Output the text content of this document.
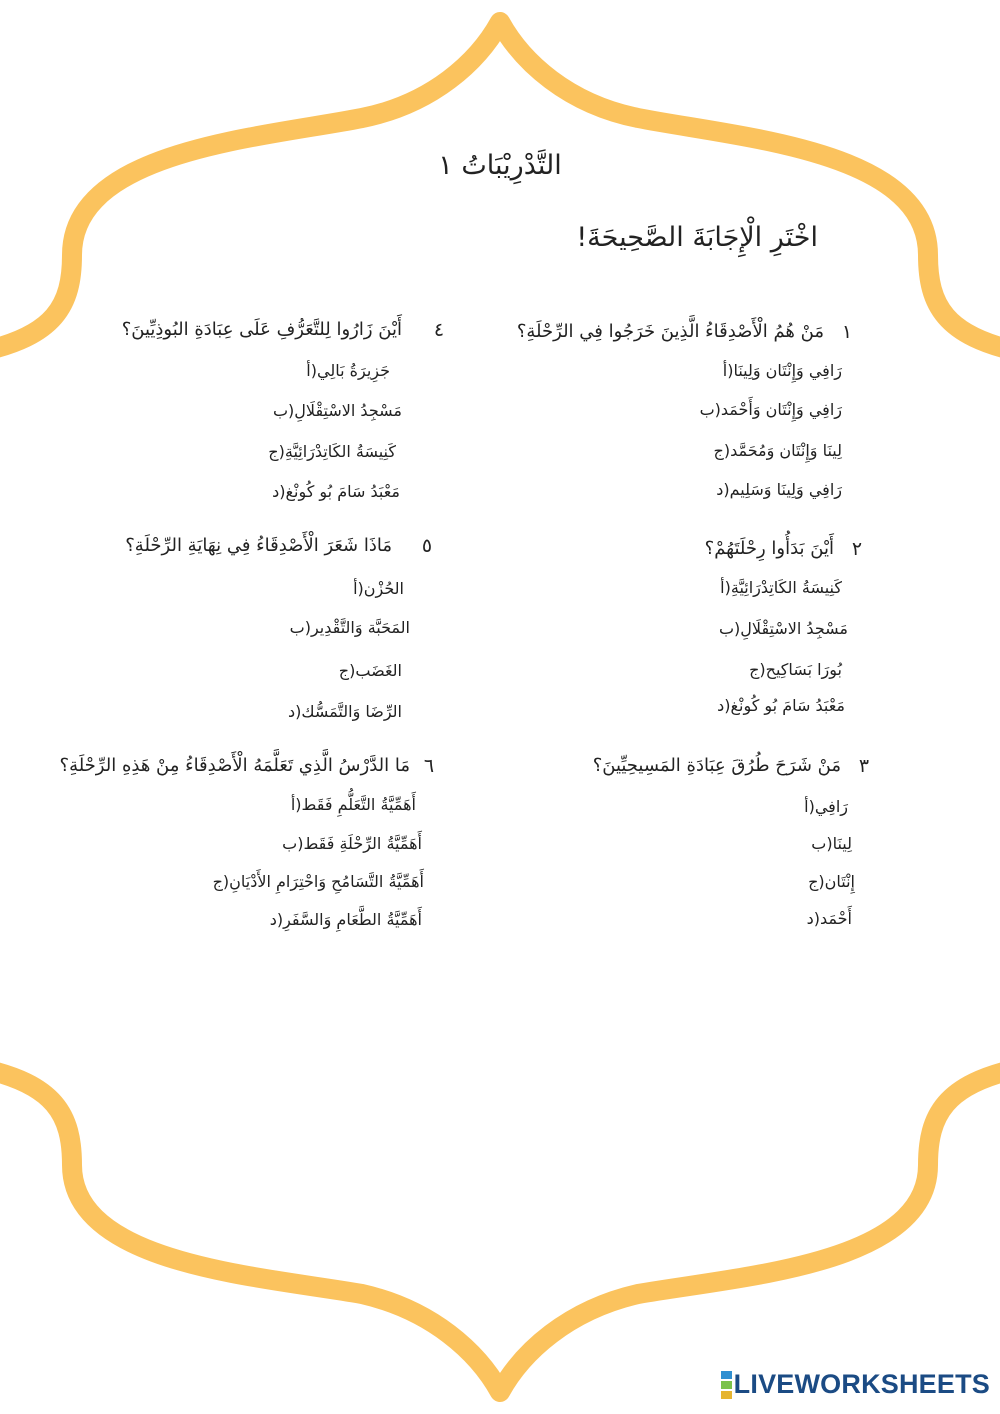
التَّدْرِيْبَاتُ ١
اخْتَرِ الْإِجَابَةَ الصَّحِيحَةَ!
١
مَنْ هُمُ الْأَصْدِقَاءُ الَّذِينَ خَرَجُوا فِي الرِّحْلَةِ؟
أ) رَافِي وَإِنْتَان وَلِينَا
ب) رَافِي وَإِنْتَان وَأَحْمَد
ج) لِينَا وَإِنْتَان وَمُحَمَّد
د) رَافِي وَلِينَا وَسَلِيم
٢
أَيْنَ بَدَأُوا رِحْلَتَهُمْ؟
أ) كَنِيسَةُ الكَاتِدْرَائِيَّةِ
ب) مَسْجِدُ الاسْتِقْلَالِ
ج) بُورَا بَسَاكِيح
د) مَعْبَدُ سَامَ بُو كُونْغ
٣
مَنْ شَرَحَ طُرُقَ عِبَادَةِ المَسِيحِيِّينَ؟
أ) رَافِي
ب) لِينَا
ج) إِنْتَان
د) أَحْمَد
٤
أَيْنَ زَارُوا لِلتَّعَرُّفِ عَلَى عِبَادَةِ البُوذِيِّينَ؟
أ) جَزِيرَةُ بَالِي
ب) مَسْجِدُ الاسْتِقْلَالِ
ج) كَنِيسَةُ الكَاتِدْرَائِيَّةِ
د) مَعْبَدُ سَامَ بُو كُونْغ
٥
مَاذَا شَعَرَ الْأَصْدِقَاءُ فِي نِهَايَةِ الرِّحْلَةِ؟
أ) الحُزْن
ب) المَحَبَّة وَالتَّقْدِير
ج) الغَضَب
د) الرِّضَا وَالتَّمَسُّك
٦
مَا الدَّرْسُ الَّذِي تَعَلَّمَهُ الْأَصْدِقَاءُ مِنْ هَذِهِ الرِّحْلَةِ؟
أ) أَهَمِّيَّةُ التَّعَلُّمِ فَقَط
ب) أَهَمِّيَّةُ الرِّحْلَةِ فَقَط
ج) أَهَمِّيَّةُ التَّسَامُحِ وَاحْتِرَامِ الأَدْيَانِ
د) أَهَمِّيَّةُ الطَّعَامِ وَالسَّفَرِ
LIVEWORKSHEETS
